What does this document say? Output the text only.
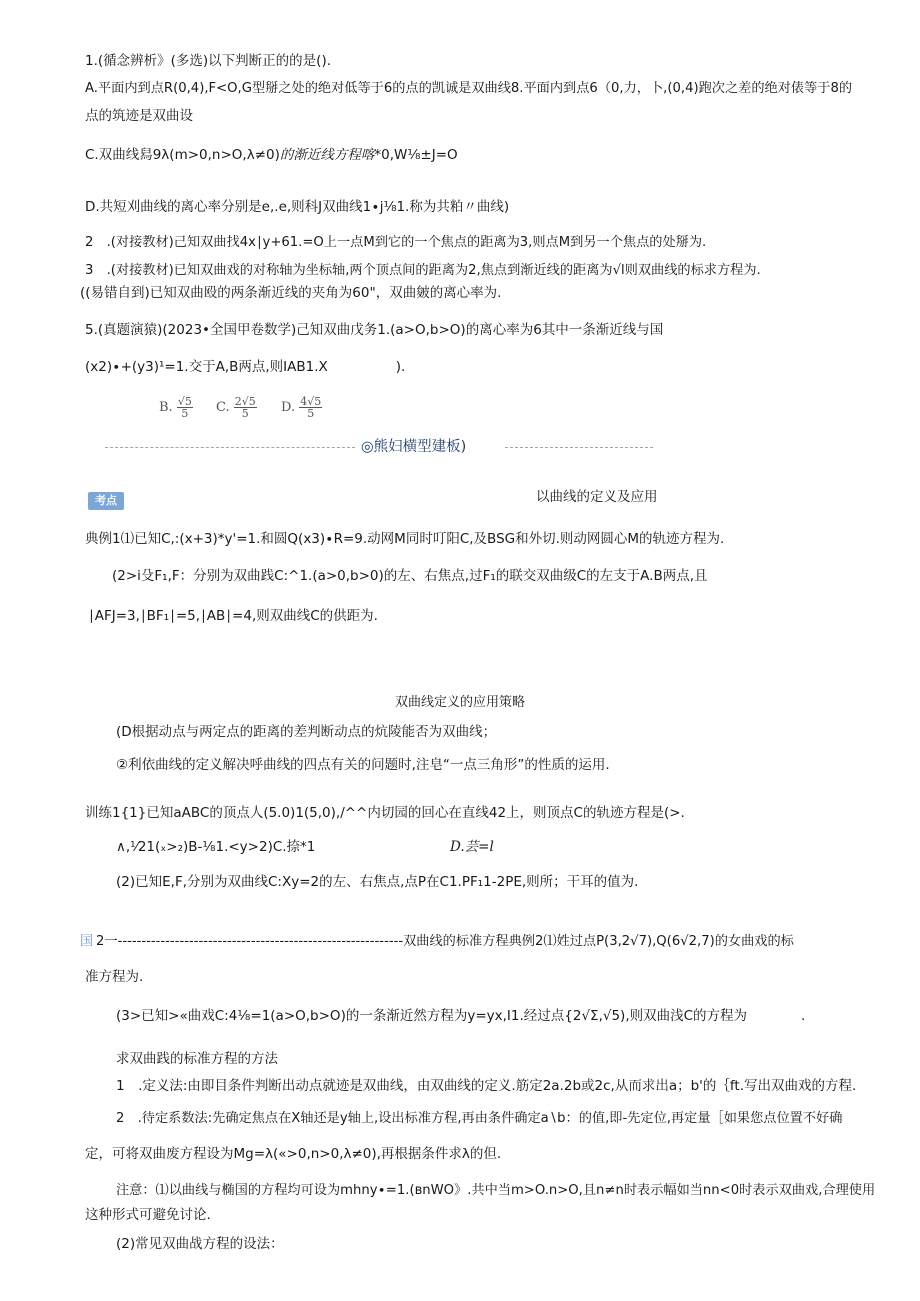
1.(循念辨析》(多选)以下判断正的的是().
A.平面内到点R(0,4),F<O,G型掰之处的绝对低等于6的点的凯诚是双曲线8.平面内到点6（0,力，卜,(0,4)跑次之差的绝对俵等于8的
点的筑迹是双曲设
C.双曲线舄9λ(m>0,n>O,λ≠0)的渐近线方程喀*0,W⅛±J=O
D.共短刈曲线的离心率分别是e,.e,则科J双曲线1∙j⅛1.称为共粕〃曲线)
2　.(对接教材)己知双曲找4x∣y+61.=O上一点M到它的一个焦点的距离为3,则点M到另一个焦点的处掰为.
3　.(对接教材)已知双曲戏的对称轴为坐标轴,两个顶点间的距离为2,焦点到渐近线的距离为√l则双曲线的标求方程为.
((易错自到)已知双曲殴的两条渐近线的夹角为60"，双曲皴的离心率为.
5.(真题演猿)(2023•全国甲卷数学)己知双曲戊务1.(a>O,b>O)的离心率为6其中一条渐近线与国
(x2)∙+(y3)¹=1.交于A,B两点,则IAB1.X	).
B. $\frac{√5}{5} C$. $\frac{2√5}{5} D$. $\frac{4√5}{5}$
◎熊妇横型建板)
考点	以曲线的定义及应用
典例1⑴已知C,:(x+3)*y'=1.和圆Q(x3)∙R=9.动网M同时叮阳C,及BSG和外切.则动网圆心M的轨迹方程为.
(2>i殳F₁,F：分别为双曲践C:^1.(a>0,b>0)的左、右焦点,过F₁的联交双曲级C的左支于A.B两点,且
∣AFJ=3,∣BF₁∣=5,∣AB∣=4,则双曲线C的供距为.
双曲线定义的应用策略
(D根据动点与两定点的距离的差判断动点的炕陵能否为双曲线；
②利依曲线的定义解决呼曲线的四点有关的问题时,注皂“一点三角形”的性质的运用.
训练1{1}已知aABC的顶点人(5.0)1(5,0),/^^内切园的回心在直线42上，则顶点C的轨迹方程是(>.
∧,⅟21(ₓ>₂)B-⅛1.<y>2)C.捺*1	D.芸=l
(2)已知E,F,分别为双曲线C:Xy=2的左、右焦点,点P在C1.PF₁1-2PE,则所；干耳的值为.
国 2一------------------------------------------------------------双曲线的标准方程典例2⑴姓过点P(3,2√7),Q(6√2,7)的女曲戏的标
准方程为.
(3>已知>«曲戏C:4⅛=1(a>O,b>O)的一条渐近然方程为y=yx,I1.经过点{2√Σ,√5),则双曲浅C的方程为　　　　.
求双曲践的标准方程的方法
1　.定义法:由即目条件判断出动点就迹是双曲线，由双曲线的定义.筋定2a.2b或2c,从而求出a；b'的｛ft.写出双曲戏的方程.
2　.待定系数法:先确定焦点在X轴还是y轴上,设出标准方程,再由条件确定a∖b：的值,即-先定位,再定量［如果您点位置不好确
定，可将双曲废方程设为Mg=λ(«>0,n>0,λ≠0),再根据条件求λ的但.
注意：⑴以曲线与椭国的方程均可设为mhny∙=1.(ʙnWO》.共中当m>O.n>O,且n≠n时表示幅如当nn<0时表示双曲戏,合理使用
这种形式可避免讨论.
(2)常见双曲战方程的设法：
